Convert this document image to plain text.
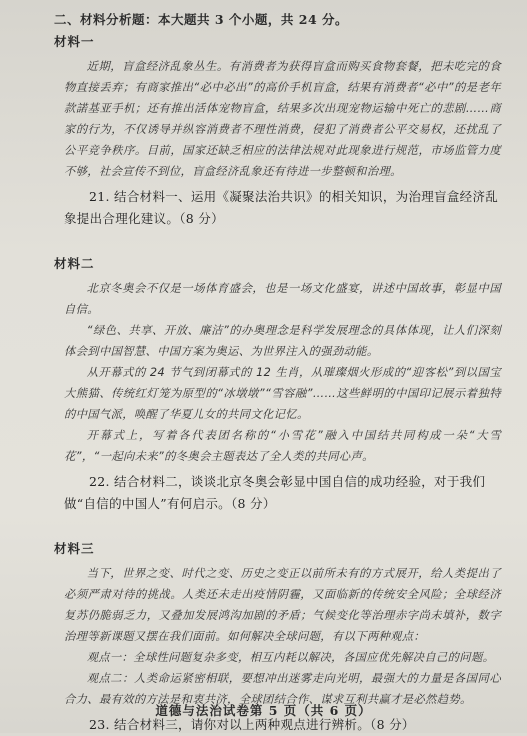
二、材料分析题：本大题共 3 个小题，共 24 分。
材料一

近期，盲盒经济乱象丛生。有消费者为获得盲盒而购买食物套餐，把未吃完的食物直接丢弃；有商家推出“必中必出”的高价手机盲盒，结果有消费者“必中”的是老年款諾基亚手机；还有推出活体宠物盲盒，结果多次出现宠物运输中死亡的悲剧……商家的行为，不仅诱导并纵容消费者不理性消费，侵犯了消费者公平交易权，还扰乱了公平竞争秩序。目前，国家还缺乏相应的法律法规对此现象进行规范，市场监管力度不够，社会宣传不到位，盲盒经济乱象还有待进一步整顿和治理。

21. 结合材料一、运用《凝聚法治共识》的相关知识，为治理盲盒经济乱象提出合理化建议。（8 分）
材料二

北京冬奥会不仅是一场体育盛会，也是一场文化盛宴，讲述中国故事，彰显中国自信。

“绿色、共享、开放、廉洁”的办奥理念是科学发展理念的具体体现，让人们深刻体会到中国智慧、中国方案为奥运、为世界注入的强劲动能。

从开幕式的 24 节气到闭幕式的 12 生肖，从璀璨烟火形成的“迎客松”到以国宝大熊猫、传统红灯笼为原型的“冰墩墩”“雪容融”……这些鲜明的中国印记展示着独特的中国气派，唤醒了华夏儿女的共同文化记忆。

开幕式上，写着各代表团名称的“小雪花”融入中国结共同构成一朵“大雪花”，“一起向未来”的冬奥会主题表达了全人类的共同心声。

22. 结合材料二，谈谈北京冬奥会彰显中国自信的成功经验，对于我们做“自信的中国人”有何启示。（8 分）
材料三

当下，世界之变、时代之变、历史之变正以前所未有的方式展开，给人类提出了必须严肃对待的挑战。人类还未走出疫情阴霾，又面临新的传统安全风险；全球经济复苏仍脆弱乏力，又叠加发展鸿沟加剧的矛盾；气候变化等治理赤字尚未填补，数字治理等新课题又摆在我们面前。如何解决全球问题，有以下两种观点：

观点一：全球性问题复杂多变，相互内耗以解决，各国应优先解决自己的问题。

观点二：人类命运紧密相联，要想冲出迷雾走向光明，最强大的力量是各国同心合力、最有效的方法是和衷共济，全球团结合作、谋求互利共赢才是必然趋势。

23. 结合材料三，请你对以上两种观点进行辨析。（8 分）
道德与法治试卷第 5 页（共 6 页）
